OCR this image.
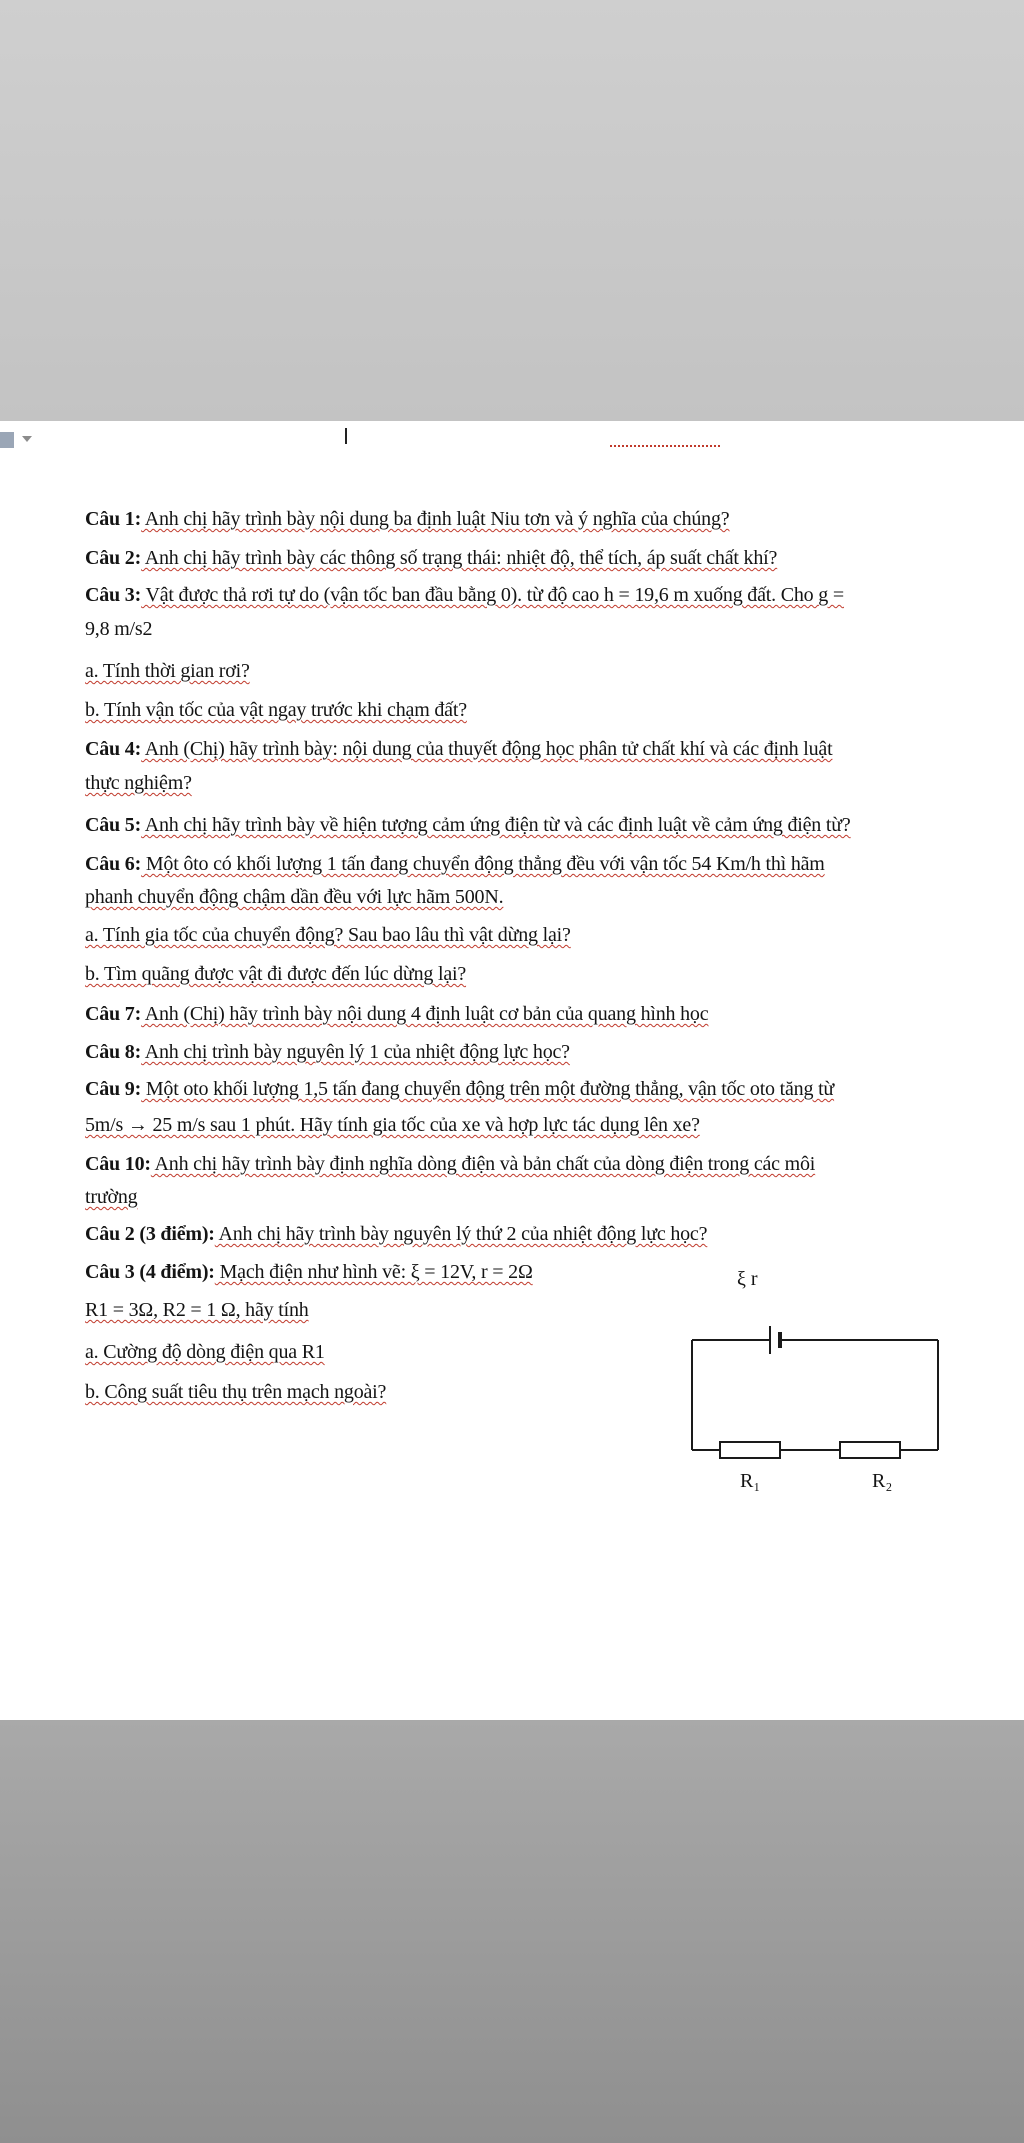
Câu 1: Anh chị hãy trình bày nội dung ba định luật Niu tơn và ý nghĩa của chúng?
Câu 2: Anh chị hãy trình bày các thông số trạng thái: nhiệt độ, thể tích, áp suất chất khí?
Câu 3: Vật được thả rơi tự do (vận tốc ban đầu bằng 0). từ độ cao h = 19,6 m xuống đất. Cho g =
9,8 m/s2
a. Tính thời gian rơi?
b. Tính vận tốc của vật ngay trước khi chạm đất?
Câu 4: Anh (Chị) hãy trình bày: nội dung của thuyết động học phân tử chất khí và các định luật
thực nghiệm?
Câu 5: Anh chị hãy trình bày về hiện tượng cảm ứng điện từ và các định luật về cảm ứng điện từ?
Câu 6: Một ôto có khối lượng 1 tấn đang chuyển động thẳng đều với vận tốc 54 Km/h thì hãm
phanh chuyển động chậm dần đều với lực hãm 500N.
a. Tính gia tốc của chuyển động? Sau bao lâu thì vật dừng lại?
b. Tìm quãng được vật đi được đến lúc dừng lại?
Câu 7: Anh (Chị) hãy trình bày nội dung 4 định luật cơ bản của quang hình học
Câu 8: Anh chị trình bày nguyên lý 1 của nhiệt động lực học?
Câu 9: Một oto khối lượng 1,5 tấn đang chuyển động trên một đường thẳng, vận tốc oto tăng từ
5m/s → 25 m/s sau 1 phút. Hãy tính gia tốc của xe và hợp lực tác dụng lên xe?
Câu 10: Anh chị hãy trình bày định nghĩa dòng điện và bản chất của dòng điện trong các môi
trường
Câu 2 (3 điểm): Anh chị hãy trình bày nguyên lý thứ 2 của nhiệt động lực học?
Câu 3 (4 điểm): Mạch điện như hình vẽ: ξ = 12V, r = 2Ω
R1 = 3Ω, R2 = 1 Ω, hãy tính
a. Cường độ dòng điện qua R1
b. Công suất tiêu thụ trên mạch ngoài?
ξ r
R₁	R₂
